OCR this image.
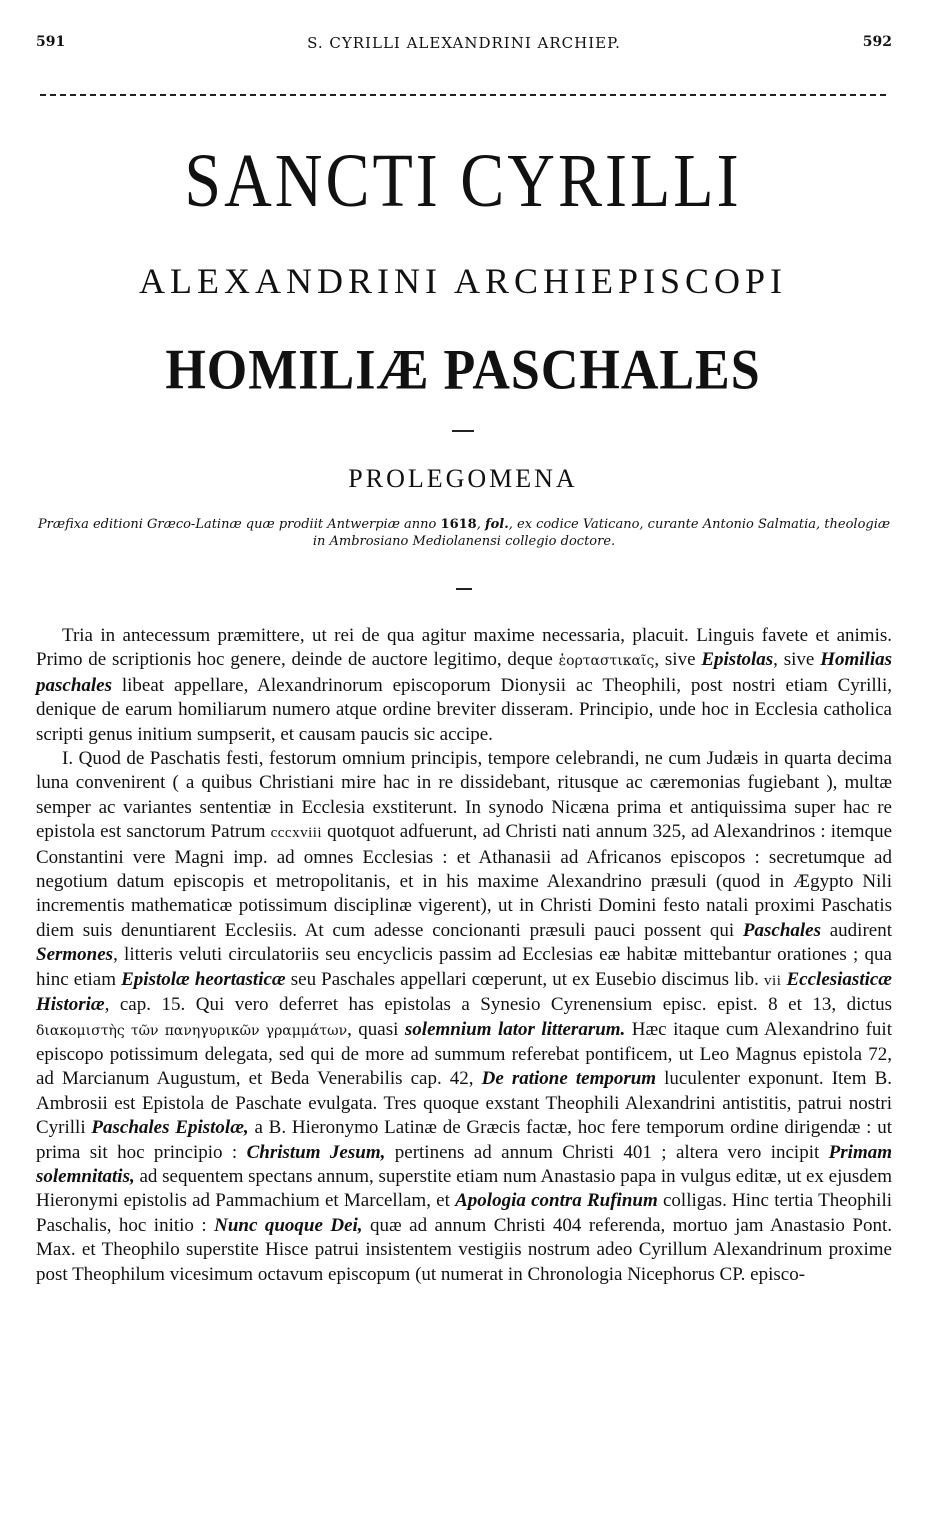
591	S. CYRILLI ALEXANDRINI ARCHIEP.	592
SANCTI CYRILLI
ALEXANDRINI ARCHIEPISCOPI
HOMILIÆ PASCHALES
PROLEGOMENA
Præfixa editioni Græco-Latinæ quæ prodiit Antwerpiæ anno 1618, fol., ex codice Vaticano, curante Antonio Salmatia, theologiæ in Ambrosiano Mediolanensi collegio doctore.

Tria in antecessum præmittere, ut rei de qua agitur maxime necessaria, placuit. Linguis favete et animis. Primo de scriptionis hoc genere, deinde de auctore legitimo, deque ἑορταστικαῖς, sive Epistolas, sive Homilias paschales libeat appellare, Alexandrinorum episcoporum Dionysii ac Theophili, post nostri etiam Cyrilli, denique de earum homiliarum numero atque ordine breviter disseram. Principio, unde hoc in Ecclesia catholica scripti genus initium sumpserit, et causam paucis sic accipe.

I. Quod de Paschatis festi, festorum omnium principis, tempore celebrandi, ne cum Judæis in quarta decima luna convenirent ( a quibus Christiani mire hac in re dissidebant, ritusque ac cæremonias fugiebant ), multæ semper ac variantes sententiæ in Ecclesia exstiterunt. In synodo Nicæna prima et antiquissima super hac re epistola est sanctorum Patrum cccxviii quotquot adfuerunt, ad Christi nati annum 325, ad Alexandrinos : itemque Constantini vere Magni imp. ad omnes Ecclesias : et Athanasii ad Africanos episcopos : secretumque ad negotium datum episcopis et metropolitanis, et in his maxime Alexandrino præsuli (quod in Ægypto Nili incrementis mathematicæ potissimum disciplinæ vigerent), ut in Christi Domini festo natali proximi Paschatis diem suis denuntiarent Ecclesiis. At cum adesse concionanti præsuli pauci possent qui Paschales audirent Sermones, litteris veluti circulatoriis seu encyclicis passim ad Ecclesias eæ habitæ mittebantur orationes ; qua hinc etiam Epistolæ heortasticæ seu Paschales appellari cœperunt, ut ex Eusebio discimus lib. vii Ecclesiasticæ Historiæ, cap. 15. Qui vero deferret has epistolas a Synesio Cyrenensium episc. epist. 8 et 13, dictus διακομιστὴς τῶν πανηγυρικῶν γραμμάτων, quasi solemnium lator litterarum. Hæc itaque cum Alexandrino fuit episcopo potissimum delegata, sed qui de more ad summum referebat pontificem, ut Leo Magnus epistola 72, ad Marcianum Augustum, et Beda Venerabilis cap. 42, De ratione temporum luculenter exponunt. Item B. Ambrosii est Epistola de Paschate evulgata. Tres quoque exstant Theophili Alexandrini antistitis, patrui nostri Cyrilli Paschales Epistolæ, a B. Hieronymo Latinæ de Græcis factæ, hoc fere temporum ordine dirigendæ : ut prima sit hoc principio : Christum Jesum, pertinens ad annum Christi 401 ; altera vero incipit Primam solemnitatis, ad sequentem spectans annum, superstite etiam num Anastasio papa in vulgus editæ, ut ex ejusdem Hieronymi epistolis ad Pammachium et Marcellam, et Apologia contra Rufinum colligas. Hinc tertia Theophili Paschalis, hoc initio : Nunc quoque Dei, quæ ad annum Christi 404 referenda, mortuo jam Anastasio Pont. Max. et Theophilo superstite Hisce patrui insistentem vestigiis nostrum adeo Cyrillum Alexandrinum proxime post Theophilum vicesimum octavum episcopum (ut numerat in Chronologia Nicephorus CP. episco-
